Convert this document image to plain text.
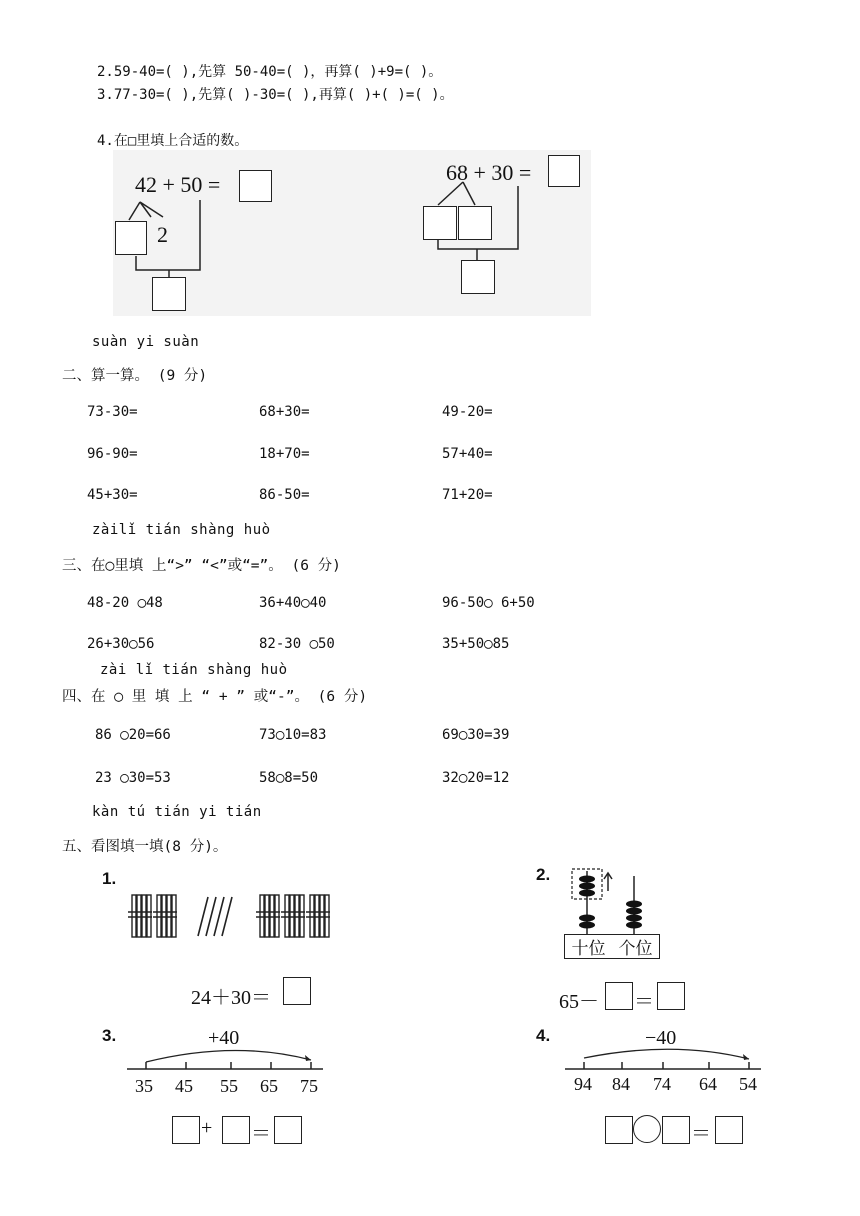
2.59-40=( ),先算 50-40=( )，再算( )+9=( )。
3.77-30=( ),先算( )-30=( ),再算( )+( )=( )。
4.在□里填上合适的数。
42 + 50 =
2
68 + 30 =
suàn yi suàn
二、算一算。 (9 分)
73-30=	68+30=	49-20=
96-90=	18+70=	57+40=
45+30=	86-50=	71+20=
zàilǐ tián shàng huò
三、在◯里填 上“>” “<”或“=”。 (6 分)
48-20 ◯48	36+40◯40	96-50◯ 6+50
26+30◯56	82-30 ◯50	35+50◯85
zài lǐ tián shàng huò
四、在 ◯ 里 填 上 “ + ” 或“-”。 (6 分)
86 ◯20=66	73◯10=83	69◯30=39
23 ◯30=53	58◯8=50	32◯20=12
kàn tú tián yi tián
五、看图填一填(8 分)。
1.
24＋30＝
2.
十位 个位
65－ ＝
3.	+40
35 45 55 65 75
+ ＝
4.	−40
94 84 74 64 54
＝
